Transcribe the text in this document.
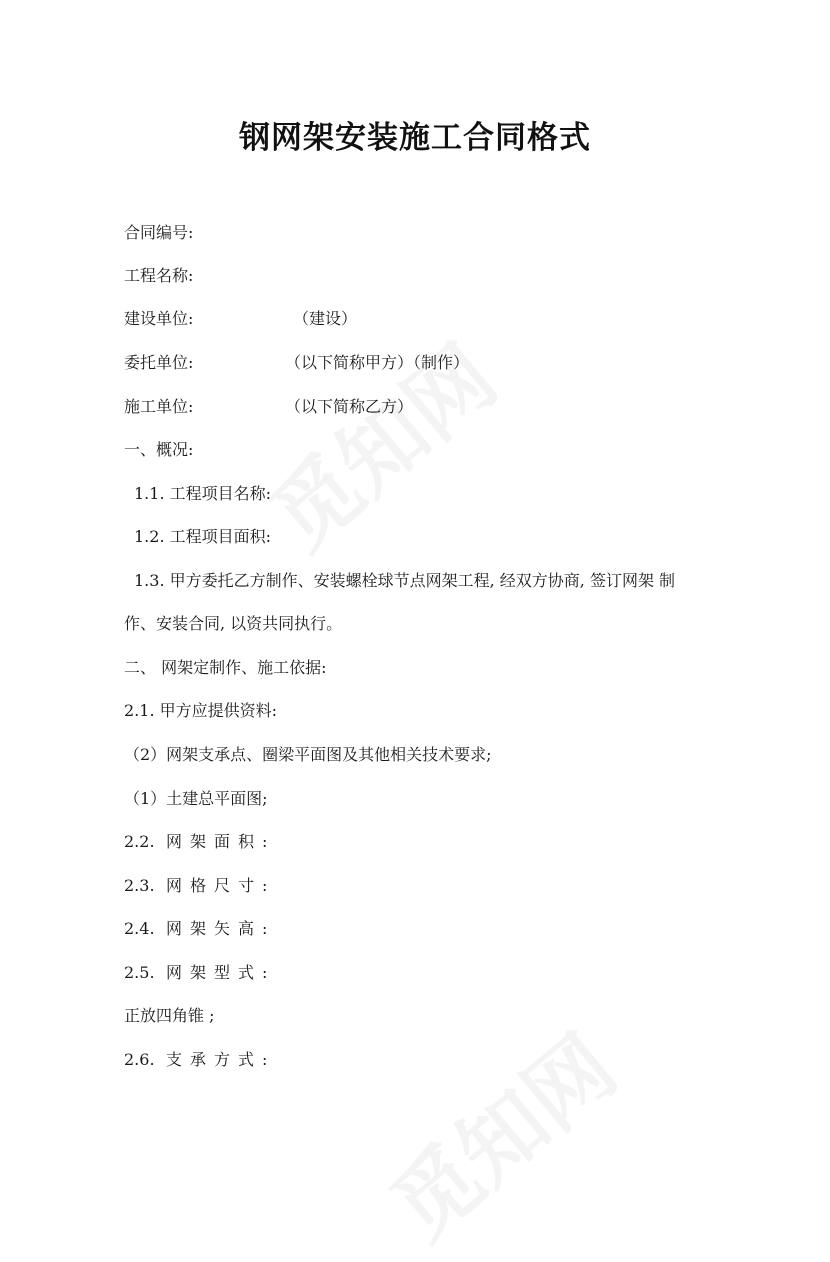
钢网架安装施工合同格式
合同编号:
工程名称:
建设单位:	（建设）
委托单位:	（以下简称甲方）（制作）
施工单位:	（以下简称乙方）
一、概况:
1.1. 工程项目名称:
1.2. 工程项目面积:
1.3. 甲方委托乙方制作、安装螺栓球节点网架工程, 经双方协商, 签订网架 制
作、安装合同, 以资共同执行。
二、 网架定制作、施工依据:
2.1. 甲方应提供资料:
（2）网架支承点、圈梁平面图及其他相关技术要求;
（1）土建总平面图;
2.2. 网架面积:
2.3. 网格尺寸:
2.4. 网架矢高:
2.5. 网架型式:
正放四角锥 ;
2.6. 支承方式:
